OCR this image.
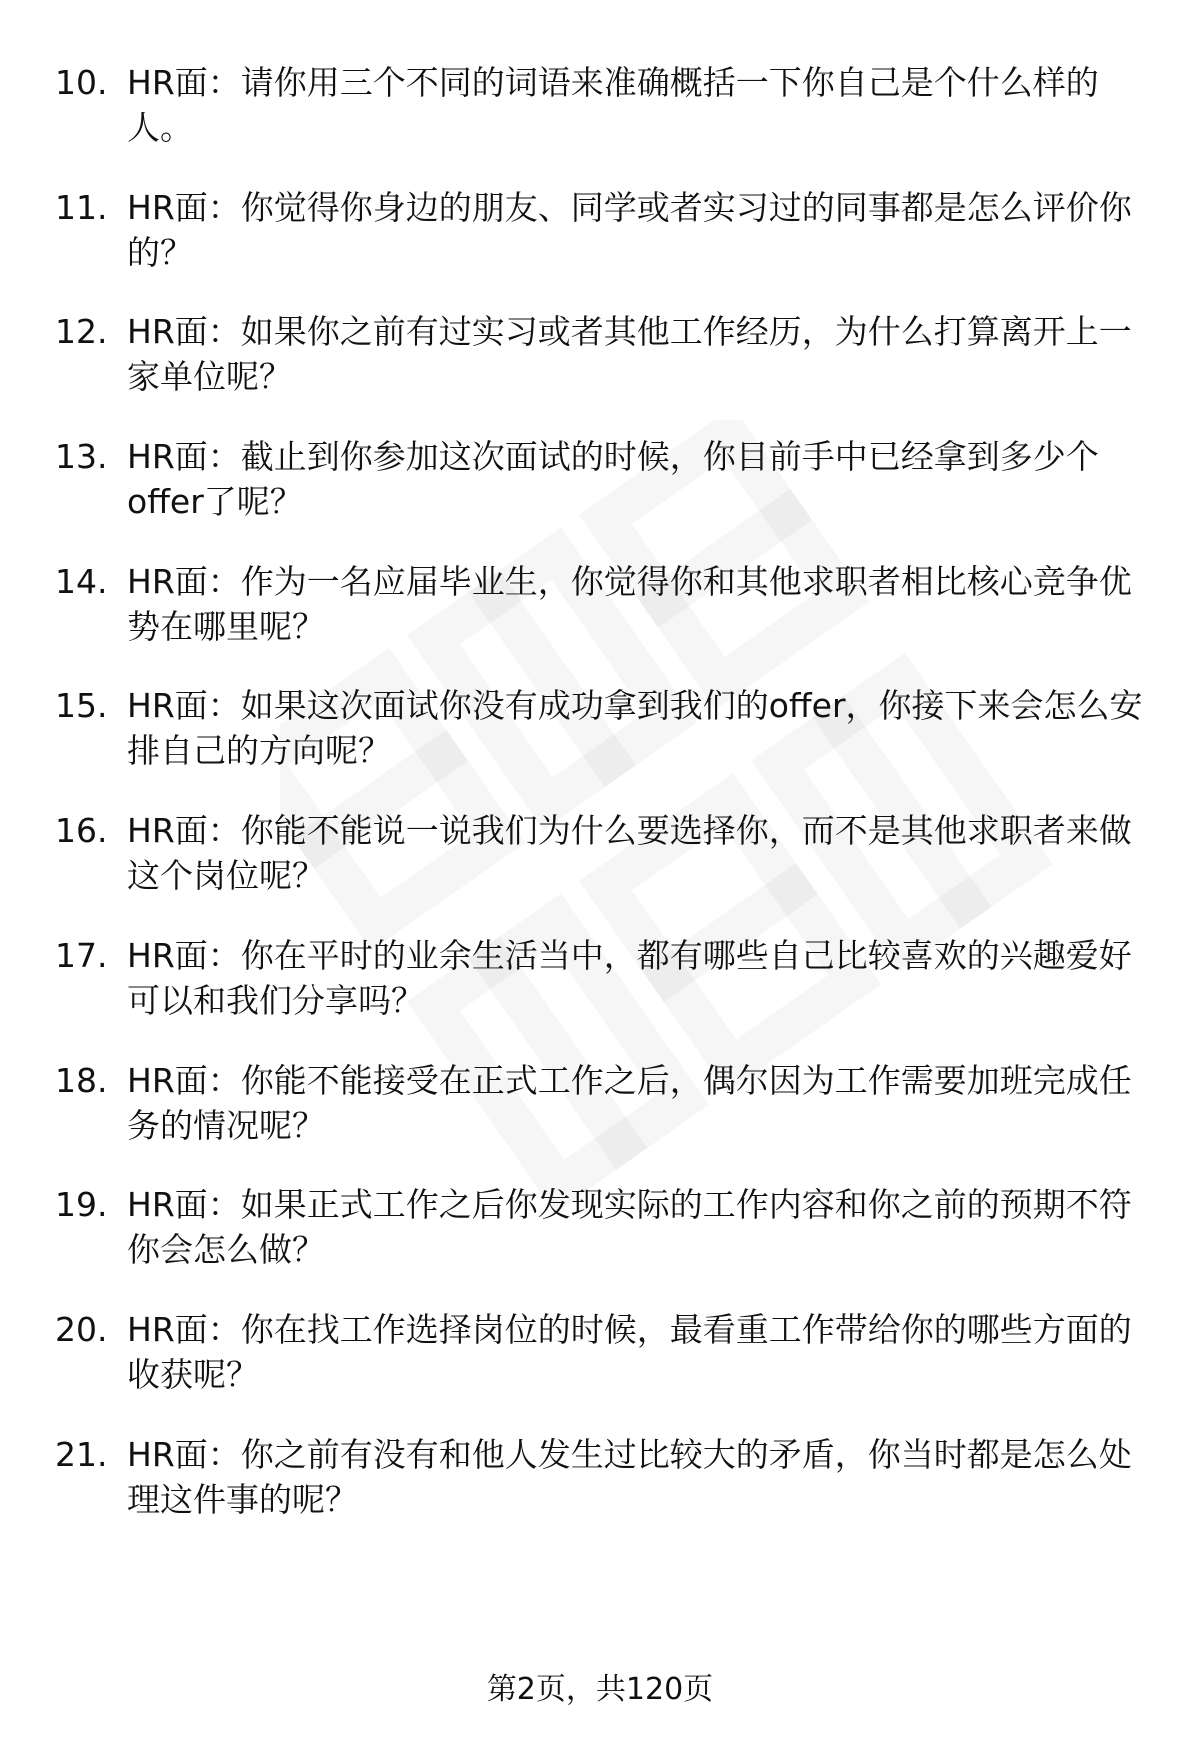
10. HR面：请你用三个不同的词语来准确概括一下你自己是个什么样的人。
11. HR面：你觉得你身边的朋友、同学或者实习过的同事都是怎么评价你的？
12. HR面：如果你之前有过实习或者其他工作经历，为什么打算离开上一家单位呢？
13. HR面：截止到你参加这次面试的时候，你目前手中已经拿到多少个offer了呢？
14. HR面：作为一名应届毕业生，你觉得你和其他求职者相比核心竞争优势在哪里呢？
15. HR面：如果这次面试你没有成功拿到我们的offer，你接下来会怎么安排自己的方向呢？
16. HR面：你能不能说一说我们为什么要选择你，而不是其他求职者来做这个岗位呢？
17. HR面：你在平时的业余生活当中，都有哪些自己比较喜欢的兴趣爱好可以和我们分享吗？
18. HR面：你能不能接受在正式工作之后，偶尔因为工作需要加班完成任务的情况呢？
19. HR面：如果正式工作之后你发现实际的工作内容和你之前的预期不符你会怎么做？
20. HR面：你在找工作选择岗位的时候，最看重工作带给你的哪些方面的收获呢？
21. HR面：你之前有没有和他人发生过比较大的矛盾，你当时都是怎么处理这件事的呢？
第2页，共120页
